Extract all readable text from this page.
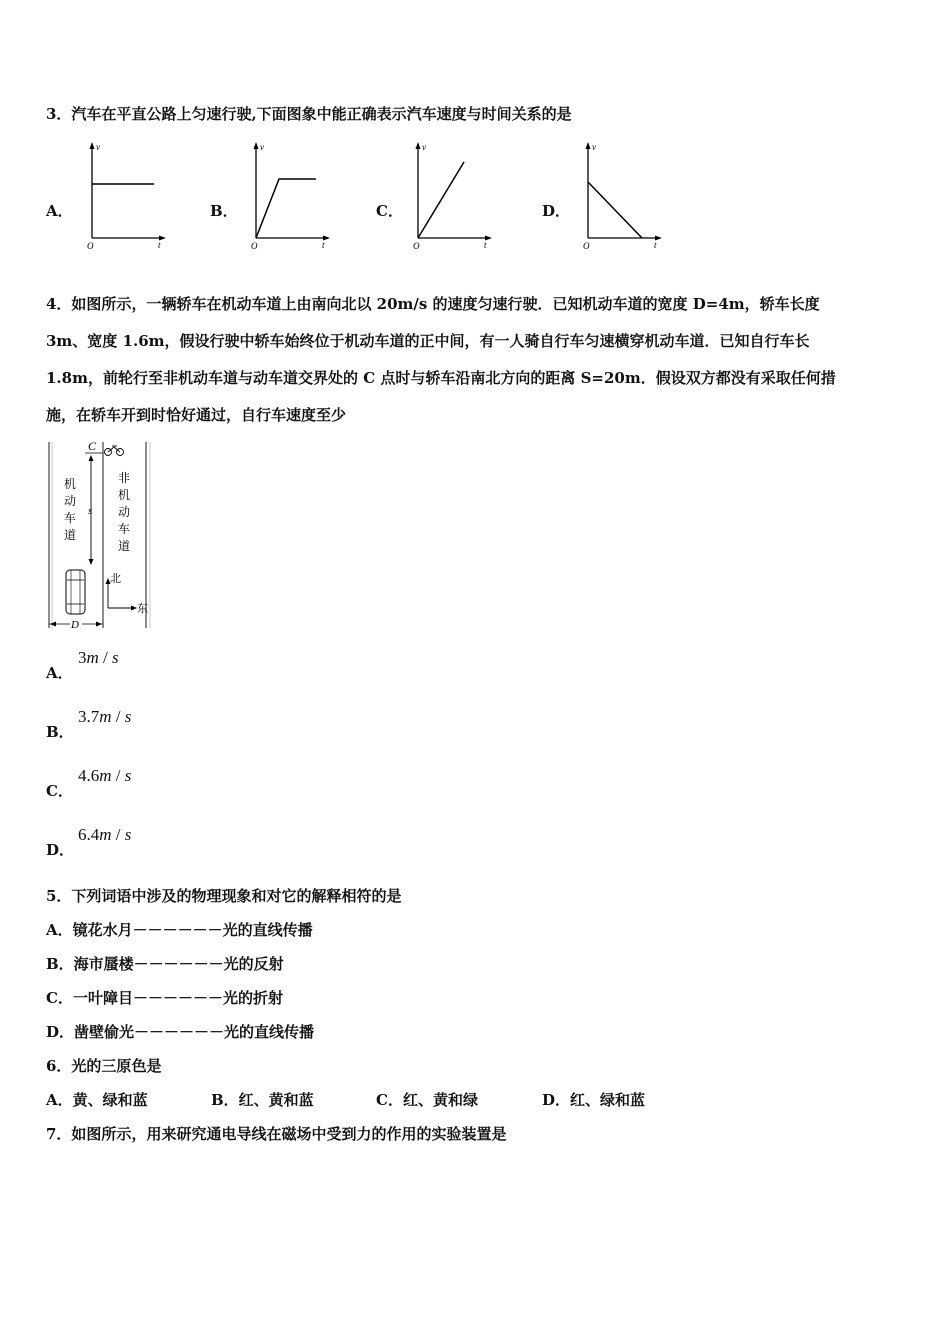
3．汽车在平直公路上匀速行驶,下面图象中能正确表示汽车速度与时间关系的是
A．
v
t
O
B．
v
t
O
C．
v
t
O
D．
v
t
O
4．如图所示，一辆轿车在机动车道上由南向北以 20m/s 的速度匀速行驶．已知机动车道的宽度 D=4m，轿车长度
3m、宽度 1.6m，假设行驶中轿车始终位于机动车道的正中间，有一人骑自行车匀速横穿机动车道．已知自行车长
1.8m，前轮行至非机动车道与动车道交界处的 C 点时与轿车沿南北方向的距离 S=20m．假设双方都没有采取任何措
施，在轿车开到时恰好通过，自行车速度至少
C
s
机动车道
非机动车道
北
东
D
A．
3m / s
B．
3.7m / s
C．
4.6m / s
D．
6.4m / s
5．下列词语中涉及的物理现象和对它的解释相符的是
A．镜花水月－－－－－－光的直线传播
B．海市蜃楼－－－－－－光的反射
C．一叶障目－－－－－－光的折射
D．凿壁偷光－－－－－－光的直线传播
6．光的三原色是
A．黄、绿和蓝	B．红、黄和蓝	C．红、黄和绿	D．红、绿和蓝
7．如图所示，用来研究通电导线在磁场中受到力的作用的实验装置是
